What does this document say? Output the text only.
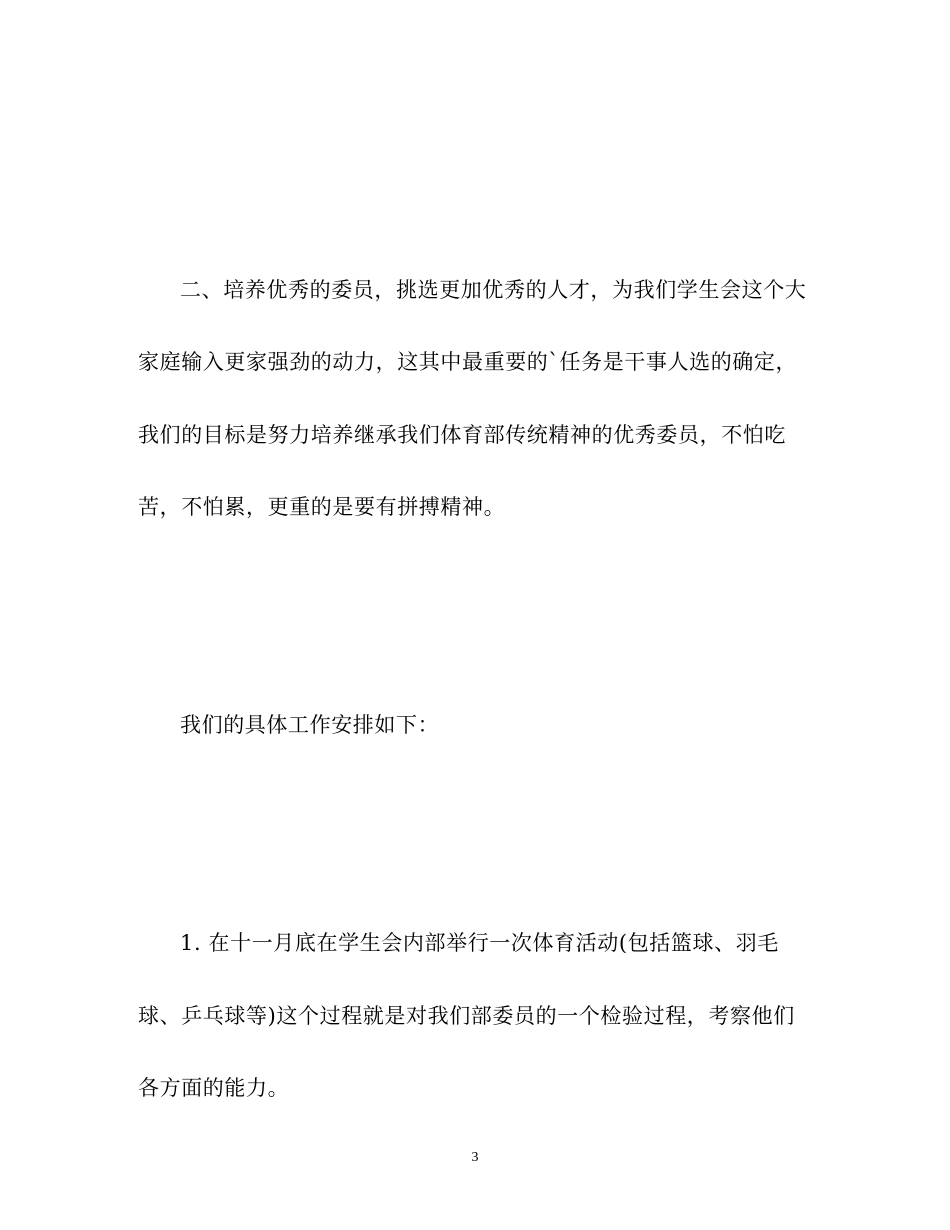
二、培养优秀的委员，挑选更加优秀的人才，为我们学生会这个大
家庭输入更家强劲的动力，这其中最重要的`任务是干事人选的确定，
我们的目标是努力培养继承我们体育部传统精神的优秀委员，不怕吃
苦，不怕累，更重的是要有拼搏精神。
我们的具体工作安排如下：
1. 在十一月底在学生会内部举行一次体育活动(包括篮球、羽毛
球、乒乓球等)这个过程就是对我们部委员的一个检验过程，考察他们
各方面的能力。
3
